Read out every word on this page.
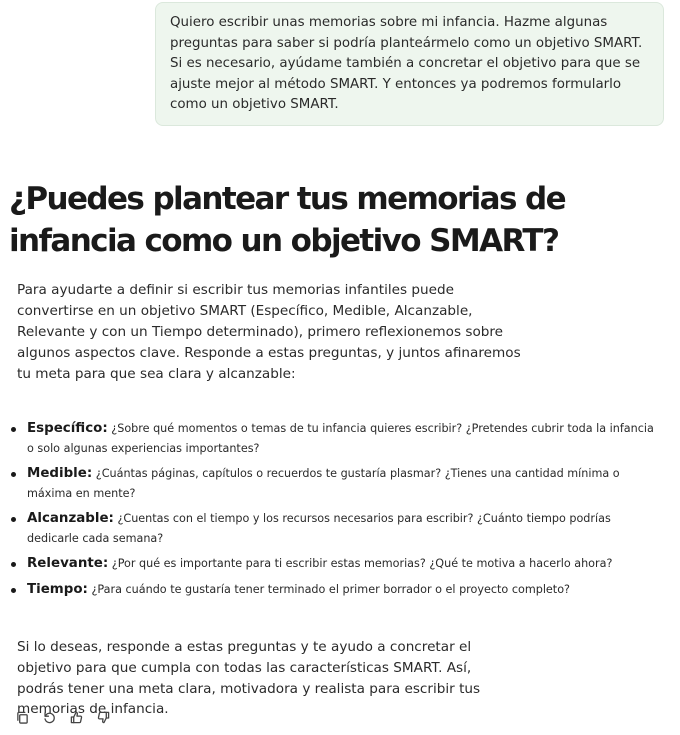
Quiero escribir unas memorias sobre mi infancia. Hazme algunas preguntas para saber si podría planteármelo como un objetivo SMART. Si es necesario, ayúdame también a concretar el objetivo para que se ajuste mejor al método SMART. Y entonces ya podremos formularlo como un objetivo SMART.
¿Puedes plantear tus memorias de infancia como un objetivo SMART?

Para ayudarte a definir si escribir tus memorias infantiles puede convertirse en un objetivo SMART (Específico, Medible, Alcanzable, Relevante y con un Tiempo determinado), primero reflexionemos sobre algunos aspectos clave. Responde a estas preguntas, y juntos afinaremos tu meta para que sea clara y alcanzable:

Específico: ¿Sobre qué momentos o temas de tu infancia quieres escribir? ¿Pretendes cubrir toda la infancia o solo algunas experiencias importantes?
Medible: ¿Cuántas páginas, capítulos o recuerdos te gustaría plasmar? ¿Tienes una cantidad mínima o máxima en mente?
Alcanzable: ¿Cuentas con el tiempo y los recursos necesarios para escribir? ¿Cuánto tiempo podrías dedicarle cada semana?
Relevante: ¿Por qué es importante para ti escribir estas memorias? ¿Qué te motiva a hacerlo ahora?
Tiempo: ¿Para cuándo te gustaría tener terminado el primer borrador o el proyecto completo?

Si lo deseas, responde a estas preguntas y te ayudo a concretar el objetivo para que cumpla con todas las características SMART. Así, podrás tener una meta clara, motivadora y realista para escribir tus memorias de infancia.
